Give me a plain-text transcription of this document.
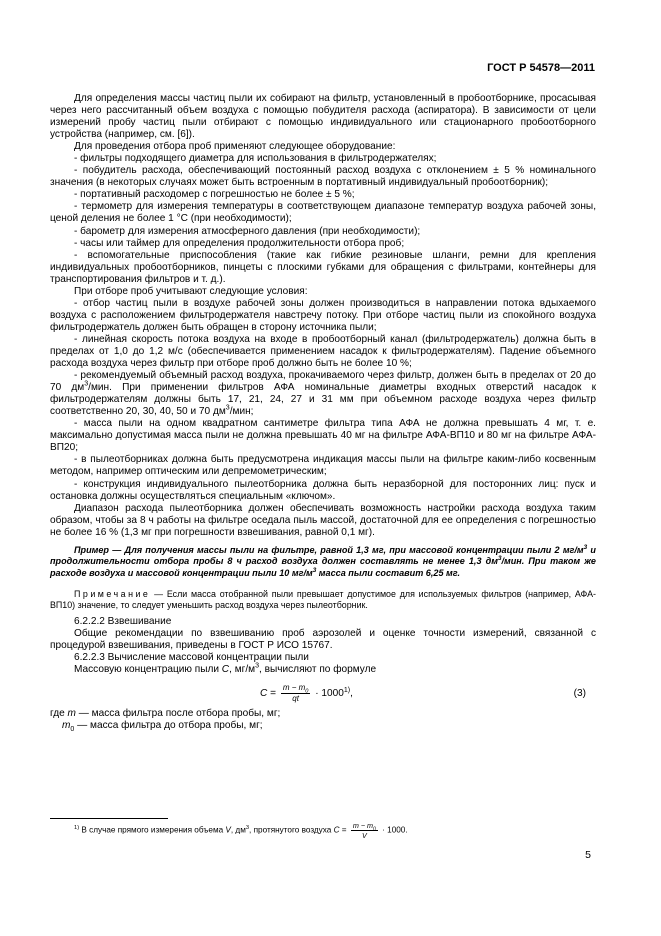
ГОСТ Р 54578—2011

Для определения массы частиц пыли их собирают на фильтр, установленный в пробоотборнике, просасывая через него рассчитанный объем воздуха с помощью побудителя расхода (аспиратора). В зависимости от цели измерений пробу частиц пыли отбирают с помощью индивидуального или стационарного пробоотборного устройства (например, см. [6]).

Для проведения отбора проб применяют следующее оборудование:

- фильтры подходящего диаметра для использования в фильтродержателях;

- побудитель расхода, обеспечивающий постоянный расход воздуха с отклонением ± 5 % номинального значения (в некоторых случаях может быть встроенным в портативный индивидуальный пробоотборник);

- портативный расходомер с погрешностью не более ± 5 %;

- термометр для измерения температуры в соответствующем диапазоне температур воздуха рабочей зоны, ценой деления не более 1 °С (при необходимости);

- барометр для измерения атмосферного давления (при необходимости);

- часы или таймер для определения продолжительности отбора проб;

- вспомогательные приспособления (такие как гибкие резиновые шланги, ремни для крепления индивидуальных пробоотборников, пинцеты с плоскими губками для обращения с фильтрами, контейнеры для транспортирования фильтров и т. д.).

При отборе проб учитывают следующие условия:

- отбор частиц пыли в воздухе рабочей зоны должен производиться в направлении потока вдыхаемого воздуха с расположением фильтродержателя навстречу потоку. При отборе частиц пыли из спокойного воздуха фильтродержатель должен быть обращен в сторону источника пыли;

- линейная скорость потока воздуха на входе в пробоотборный канал (фильтродержатель) должна быть в пределах от 1,0 до 1,2 м/с (обеспечивается применением насадок к фильтродержателям). Падение объемного расхода воздуха через фильтр при отборе проб должно быть не более 10 %;

- рекомендуемый объемный расход воздуха, прокачиваемого через фильтр, должен быть в пределах от 20 до 70 $дм^3$/мин. При применении фильтров АФА номинальные диаметры входных отверстий насадок к фильтродержателям должны быть 17, 21, 24, 27 и 31 мм при объемном расходе воздуха через фильтр соответственно 20, 30, 40, 50 и 70 $дм^3$/мин;

- масса пыли на одном квадратном сантиметре фильтра типа АФА не должна превышать 4 мг, т. е. максимально допустимая масса пыли не должна превышать 40 мг на фильтре АФА-ВП10 и 80 мг на фильтре АФА-ВП20;

- в пылеотборниках должна быть предусмотрена индикация массы пыли на фильтре каким-либо косвенным методом, например оптическим или депремометрическим;

- конструкция индивидуального пылеотборника должна быть неразборной для посторонних лиц: пуск и остановка должны осуществляться специальным «ключом».

Диапазон расхода пылеотборника должен обеспечивать возможность настройки расхода воздуха таким образом, чтобы за 8 ч работы на фильтре оседала пыль массой, достаточной для ее определения с погрешностью не более 16 % (1,3 мг при погрешности взвешивания, равной 0,1 мг).

Пример — Для получения массы пыли на фильтре, равной 1,3 мг, при массовой концентрации пыли 2 $мг/м^3$ и продолжительности отбора пробы 8 ч расход воздуха должен составлять не менее 1,3 $дм^3$/мин. При таком же расходе воздуха и массовой концентрации пыли 10 $мг/м^3$ масса пыли составит 6,25 мг.

Примечание — Если масса отобранной пыли превышает допустимое для используемых фильтров (например, АФА-ВП10) значение, то следует уменьшить расход воздуха через пылеотборник.

6.2.2.2 Взвешивание

Общие рекомендации по взвешиванию проб аэрозолей и оценке точности измерений, связанной с процедурой взвешивания, приведены в ГОСТ Р ИСО 15767.

6.2.2.3 Вычисление массовой концентрации пыли

Массовую концентрацию пыли С, $мг/м^3$, вычисляют по формуле

$С = \frac{m - m_0}{qt} \cdot 1000^{1)}$,	(3)

где m — масса фильтра после отбора пробы, мг;

$m_0$ — масса фильтра до отбора пробы, мг;

$^{1)}$ В случае прямого измерения объема V, $дм^3$, протянутого воздуха $С = \frac{m - m_0}{V} \cdot 1000$.
5
